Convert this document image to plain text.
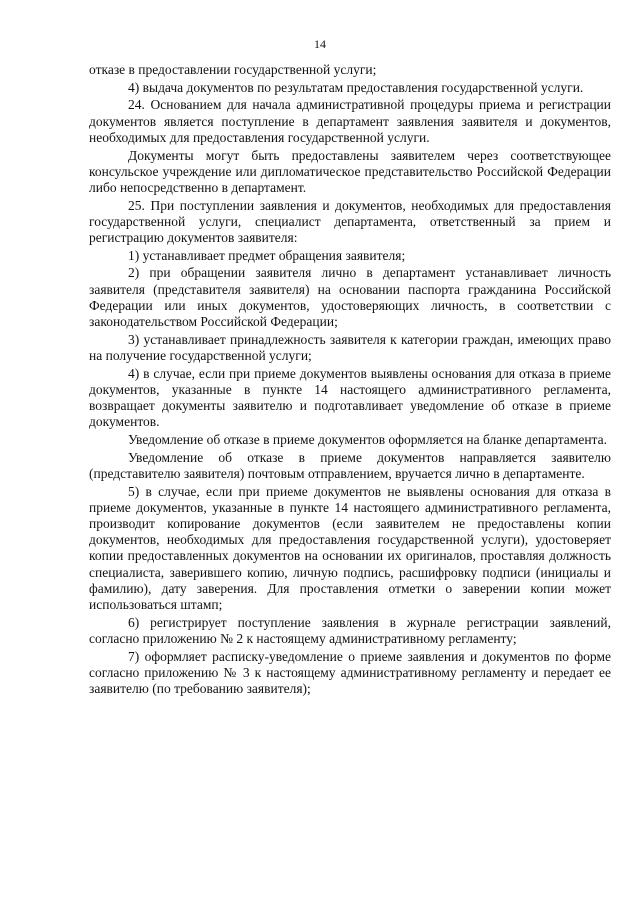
14

отказе в предоставлении государственной услуги;

4) выдача документов по результатам предоставления государственной услуги.

24. Основанием для начала административной процедуры приема и регистрации документов является поступление в департамент заявления заявителя и документов, необходимых для предоставления государственной услуги.

Документы могут быть предоставлены заявителем через соответствующее консульское учреждение или дипломатическое представительство Российской Федерации либо непосредственно в департамент.

25. При поступлении заявления и документов, необходимых для предоставления государственной услуги, специалист департамента, ответственный за прием и регистрацию документов заявителя:

1) устанавливает предмет обращения заявителя;

2) при обращении заявителя лично в департамент устанавливает личность заявителя (представителя заявителя) на основании паспорта гражданина Российской Федерации или иных документов, удостоверяющих личность, в соответствии с законодательством Российской Федерации;

3) устанавливает принадлежность заявителя к категории граждан, имеющих право на получение государственной услуги;

4) в случае, если при приеме документов выявлены основания для отказа в приеме документов, указанные в пункте 14 настоящего административного регламента, возвращает документы заявителю и подготавливает уведомление об отказе в приеме документов.

Уведомление об отказе в приеме документов оформляется на бланке департамента.

Уведомление об отказе в приеме документов направляется заявителю (представителю заявителя) почтовым отправлением, вручается лично в департаменте.

5) в случае, если при приеме документов не выявлены основания для отказа в приеме документов, указанные в пункте 14 настоящего административного регламента, производит копирование документов (если заявителем не предоставлены копии документов, необходимых для предоставления государственной услуги), удостоверяет копии предоставленных документов на основании их оригиналов, проставляя должность специалиста, заверившего копию, личную подпись, расшифровку подписи (инициалы и фамилию), дату заверения. Для проставления отметки о заверении копии может использоваться штамп;

6) регистрирует поступление заявления в журнале регистрации заявлений, согласно приложению № 2 к настоящему административному регламенту;

7) оформляет расписку-уведомление о приеме заявления и документов по форме согласно приложению № 3 к настоящему административному регламенту и передает ее заявителю (по требованию заявителя);
